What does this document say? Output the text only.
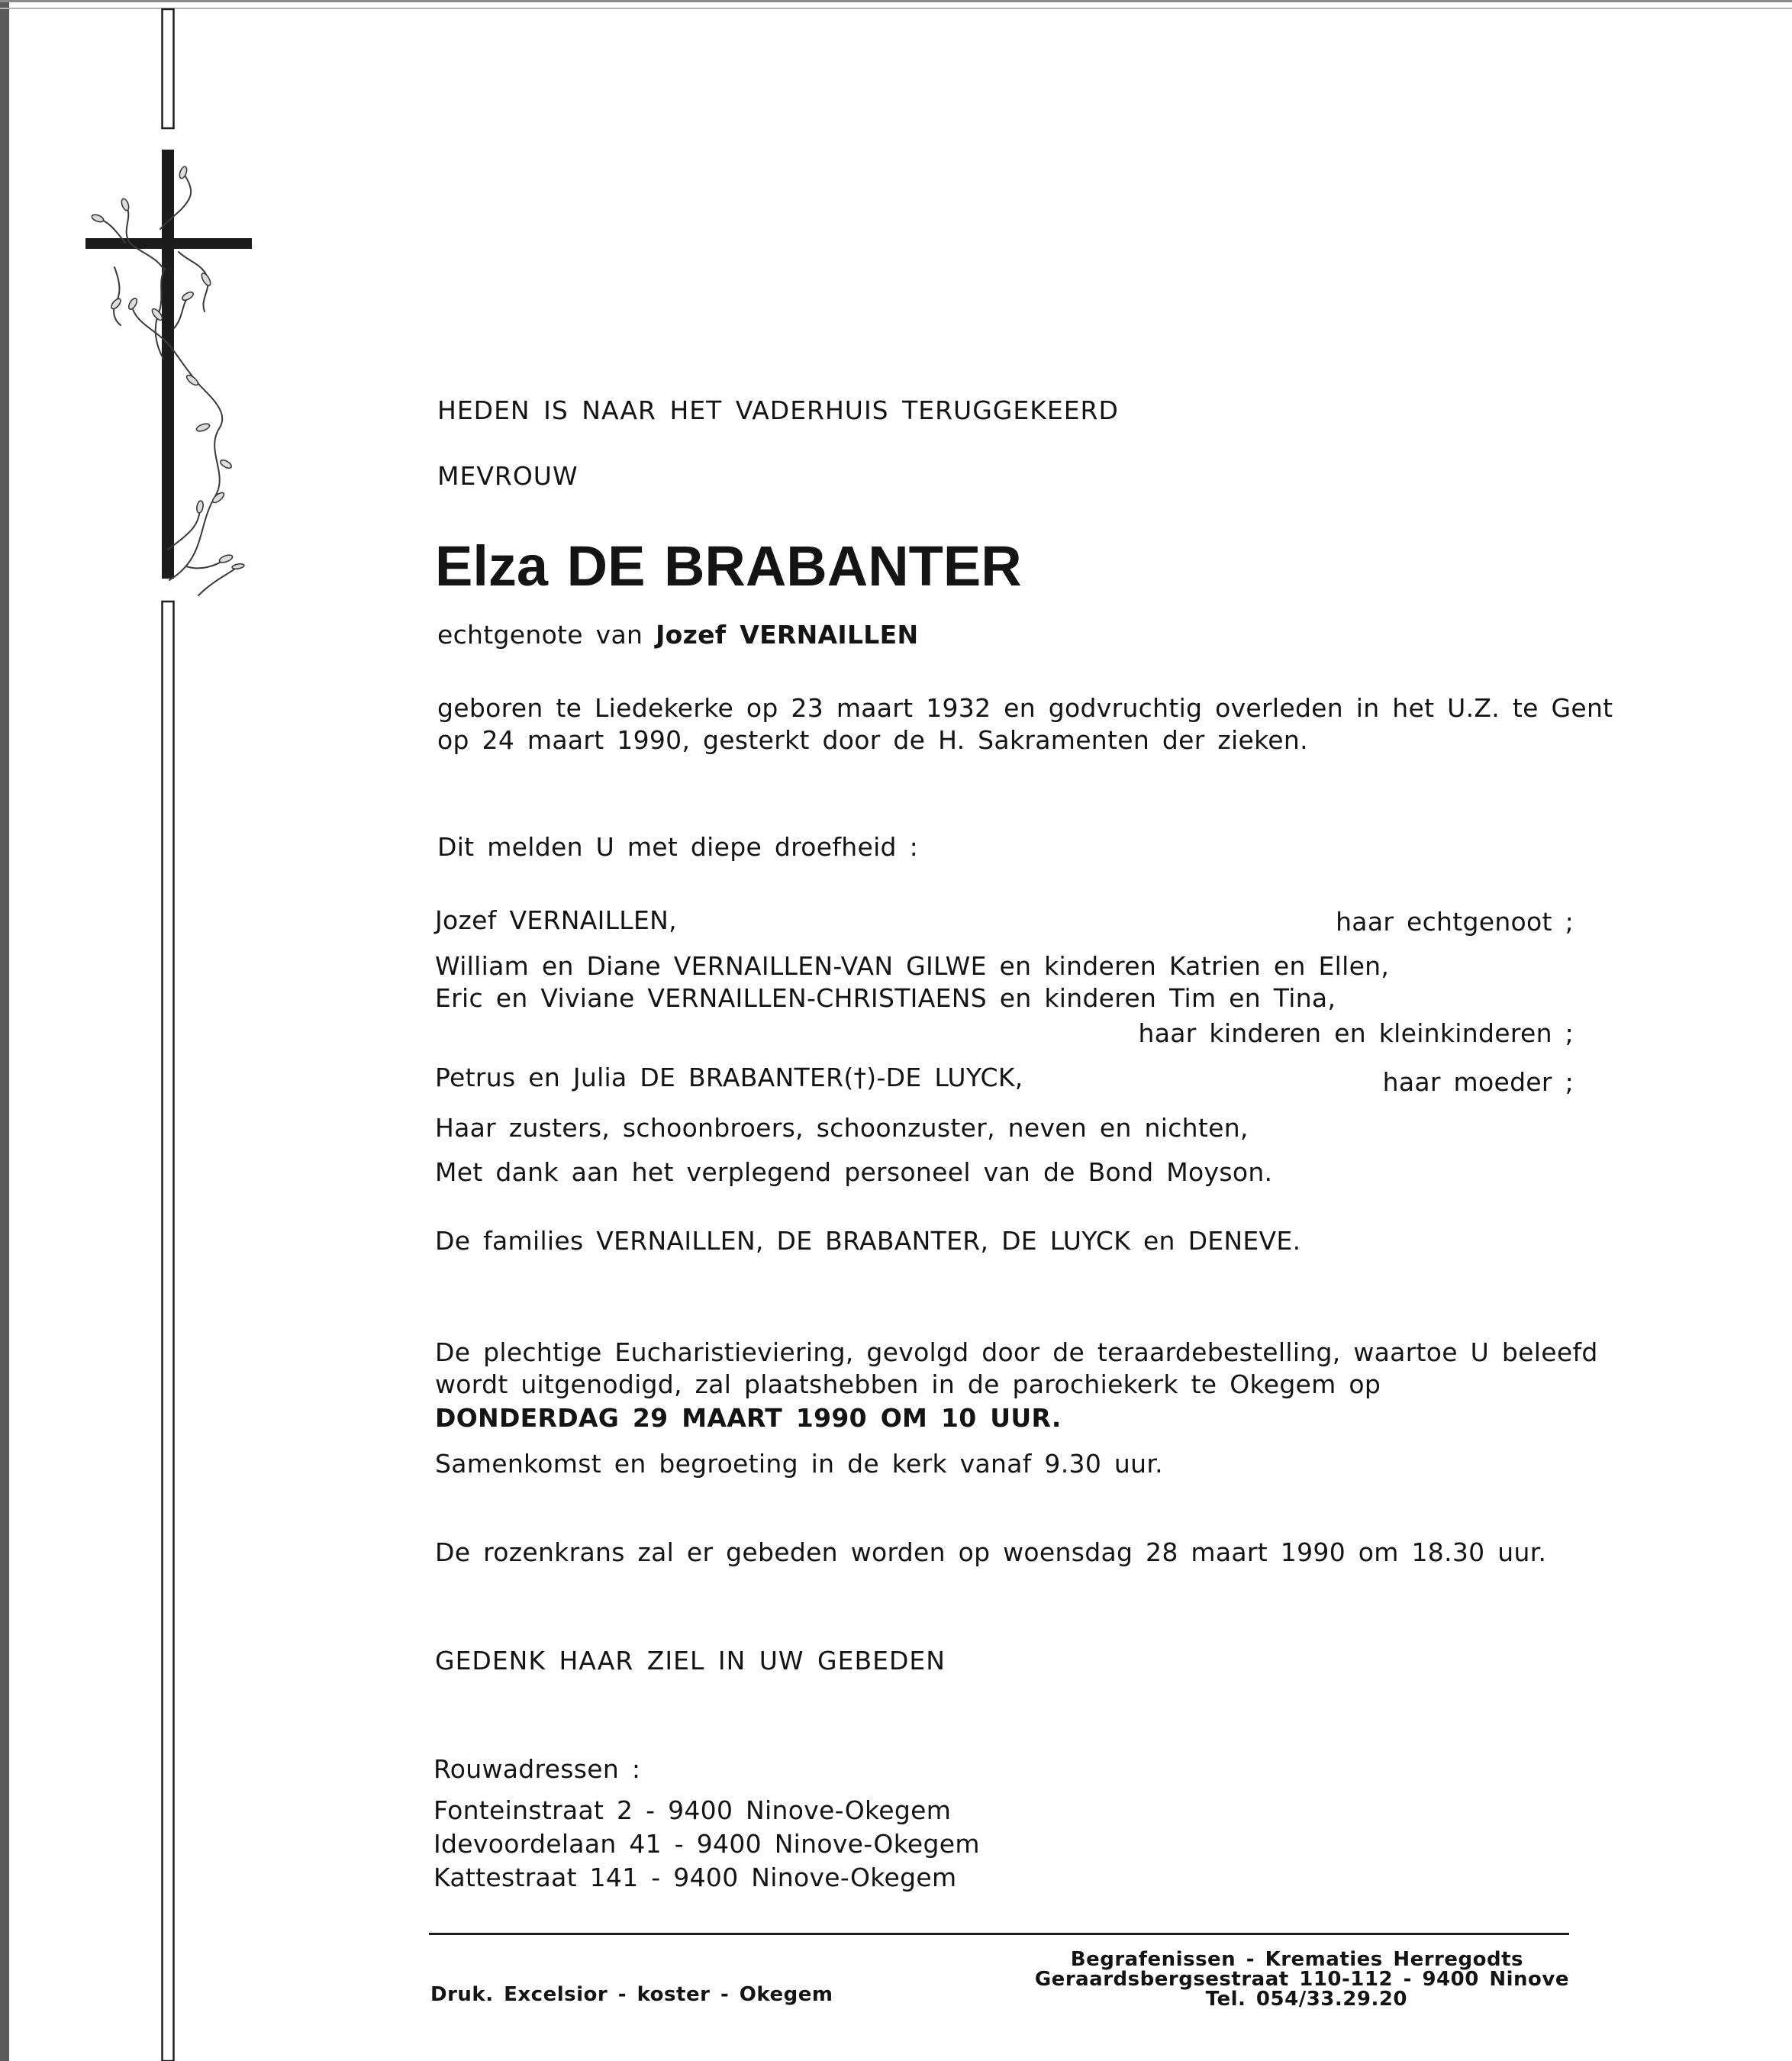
HEDEN IS NAAR HET VADERHUIS TERUGGEKEERD
MEVROUW
Elza DE BRABANTER
echtgenote van Jozef VERNAILLEN
geboren te Liedekerke op 23 maart 1932 en godvruchtig overleden in het U.Z. te Gent
op 24 maart 1990, gesterkt door de H. Sakramenten der zieken.
Dit melden U met diepe droefheid :
Jozef VERNAILLEN,	haar echtgenoot ;
William en Diane VERNAILLEN-VAN GILWE en kinderen Katrien en Ellen,
Eric en Viviane VERNAILLEN-CHRISTIAENS en kinderen Tim en Tina,
haar kinderen en kleinkinderen ;
Petrus en Julia DE BRABANTER(†)-DE LUYCK,	haar moeder ;
Haar zusters, schoonbroers, schoonzuster, neven en nichten,
Met dank aan het verplegend personeel van de Bond Moyson.
De families VERNAILLEN, DE BRABANTER, DE LUYCK en DENEVE.
De plechtige Eucharistieviering, gevolgd door de teraardebestelling, waartoe U beleefd
wordt uitgenodigd, zal plaatshebben in de parochiekerk te Okegem op
DONDERDAG 29 MAART 1990 OM 10 UUR.
Samenkomst en begroeting in de kerk vanaf 9.30 uur.
De rozenkrans zal er gebeden worden op woensdag 28 maart 1990 om 18.30 uur.
GEDENK HAAR ZIEL IN UW GEBEDEN
Rouwadressen :
Fonteinstraat 2 - 9400 Ninove-Okegem
Idevoordelaan 41 - 9400 Ninove-Okegem
Kattestraat 141 - 9400 Ninove-Okegem
Begrafenissen - Krematies Herregodts
Geraardsbergsestraat 110-112 - 9400 Ninove
Tel. 054/33.29.20
Druk. Excelsior - koster - Okegem
